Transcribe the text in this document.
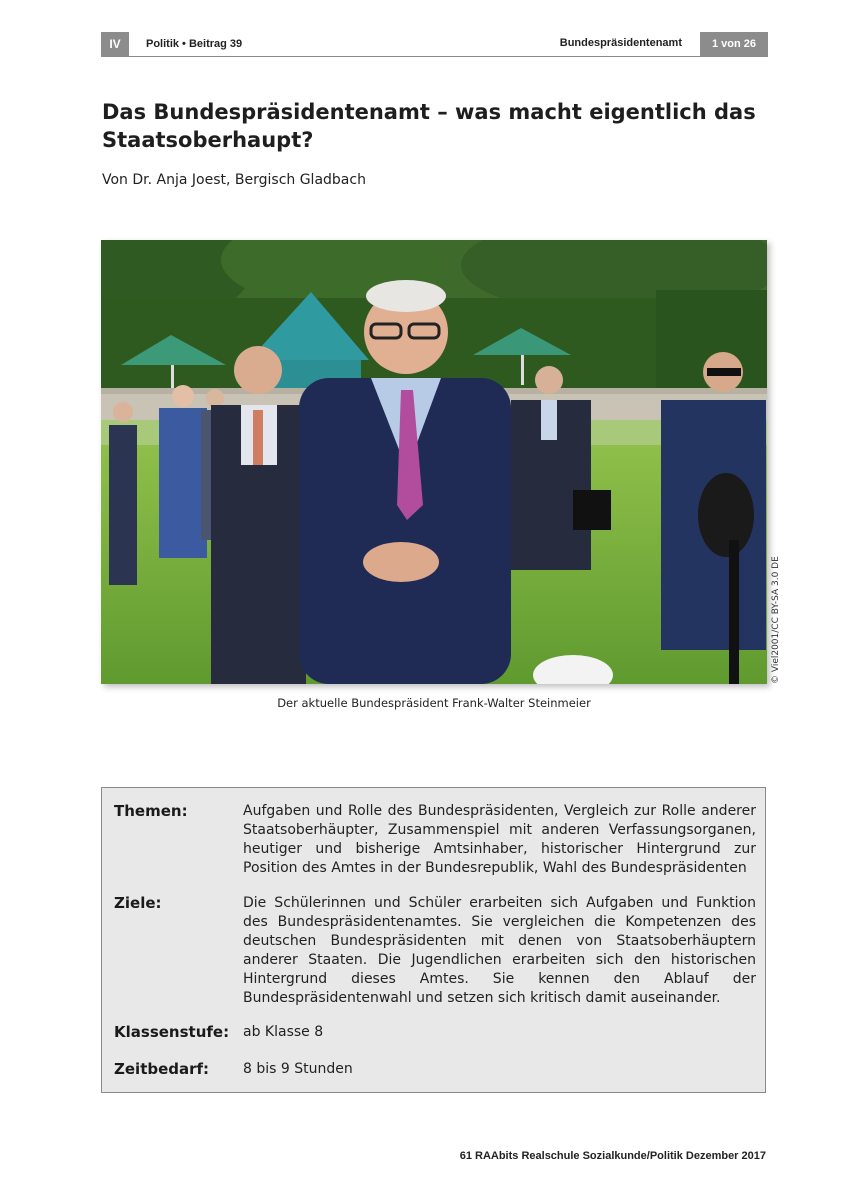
IV	Politik • Beitrag 39	Bundespräsidentenamt	1 von 26
Das Bundespräsidentenamt – was macht eigentlich das Staatsoberhaupt?
Von Dr. Anja Joest, Bergisch Gladbach
© Viel2001/CC BY-SA 3.0 DE
Der aktuelle Bundespräsident Frank-Walter Steinmeier
Themen:	Aufgaben und Rolle des Bundespräsidenten, Vergleich zur Rolle anderer Staatsoberhäupter, Zusammenspiel mit anderen Verfassungsorganen, heutiger und bisherige Amtsinhaber, historischer Hintergrund zur Position des Amtes in der Bundesrepublik, Wahl des Bundespräsidenten
Ziele:	Die Schülerinnen und Schüler erarbeiten sich Aufgaben und Funktion des Bundespräsidentenamtes. Sie vergleichen die Kompetenzen des deutschen Bundespräsidenten mit denen von Staatsoberhäuptern anderer Staaten. Die Jugendlichen erarbeiten sich den historischen Hintergrund dieses Amtes. Sie kennen den Ablauf der Bundespräsidentenwahl und setzen sich kritisch damit auseinander.
Klassenstufe: ab Klasse 8
Zeitbedarf: 8 bis 9 Stunden
61 RAAbits Realschule Sozialkunde/Politik Dezember 2017
